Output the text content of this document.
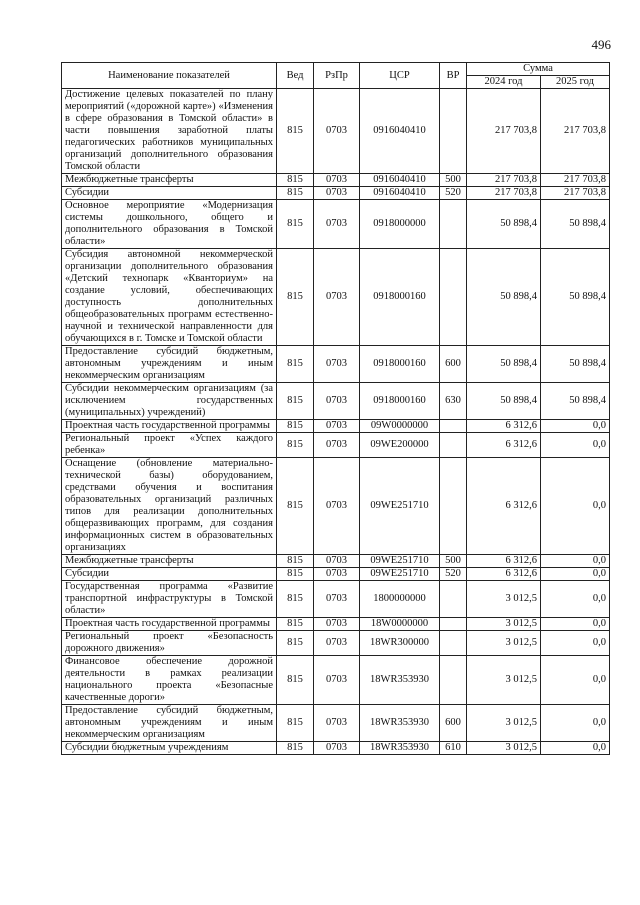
496
Наименование показателей	Вед	РзПр	ЦСР	ВР	Сумма	
					2024 год	2025 год
Достижение целевых показателей по плану мероприятий («дорожной карте») «Изменения в сфере образования в Томской области» в части повышения заработной платы педагогических работников муниципальных организаций дополнительного образования Томской области	815	0703	0916040410		217 703,8	217 703,8
Межбюджетные трансферты	815	0703	0916040410	500	217 703,8	217 703,8
Субсидии	815	0703	0916040410	520	217 703,8	217 703,8
Основное мероприятие «Модернизация системы дошкольного, общего и дополнительного образования в Томской области»	815	0703	0918000000		50 898,4	50 898,4
Субсидия автономной некоммерческой организации дополнительного образования «Детский технопарк «Кванториум» на создание условий, обеспечивающих доступность дополнительных общеобразовательных программ естественно-научной и технической направленности для обучающихся в г. Томске и Томской области	815	0703	0918000160		50 898,4	50 898,4
Предоставление субсидий бюджетным, автономным учреждениям и иным некоммерческим организациям	815	0703	0918000160	600	50 898,4	50 898,4
Субсидии некоммерческим организациям (за исключением государственных (муниципальных) учреждений)	815	0703	0918000160	630	50 898,4	50 898,4
Проектная часть государственной программы	815	0703	09W0000000		6 312,6	0,0
Региональный проект «Успех каждого ребенка»	815	0703	09WE200000		6 312,6	0,0
Оснащение (обновление материально-технической базы) оборудованием, средствами обучения и воспитания образовательных организаций различных типов для реализации дополнительных общеразвивающих программ, для создания информационных систем в образовательных организациях	815	0703	09WE251710		6 312,6	0,0
Межбюджетные трансферты	815	0703	09WE251710	500	6 312,6	0,0
Субсидии	815	0703	09WE251710	520	6 312,6	0,0
Государственная программа «Развитие транспортной инфраструктуры в Томской области»	815	0703	1800000000		3 012,5	0,0
Проектная часть государственной программы	815	0703	18W0000000		3 012,5	0,0
Региональный проект «Безопасность дорожного движения»	815	0703	18WR300000		3 012,5	0,0
Финансовое обеспечение дорожной деятельности в рамках реализации национального проекта «Безопасные качественные дороги»	815	0703	18WR353930		3 012,5	0,0
Предоставление субсидий бюджетным, автономным учреждениям и иным некоммерческим организациям	815	0703	18WR353930	600	3 012,5	0,0
Субсидии бюджетным учреждениям	815	0703	18WR353930	610	3 012,5	0,0
